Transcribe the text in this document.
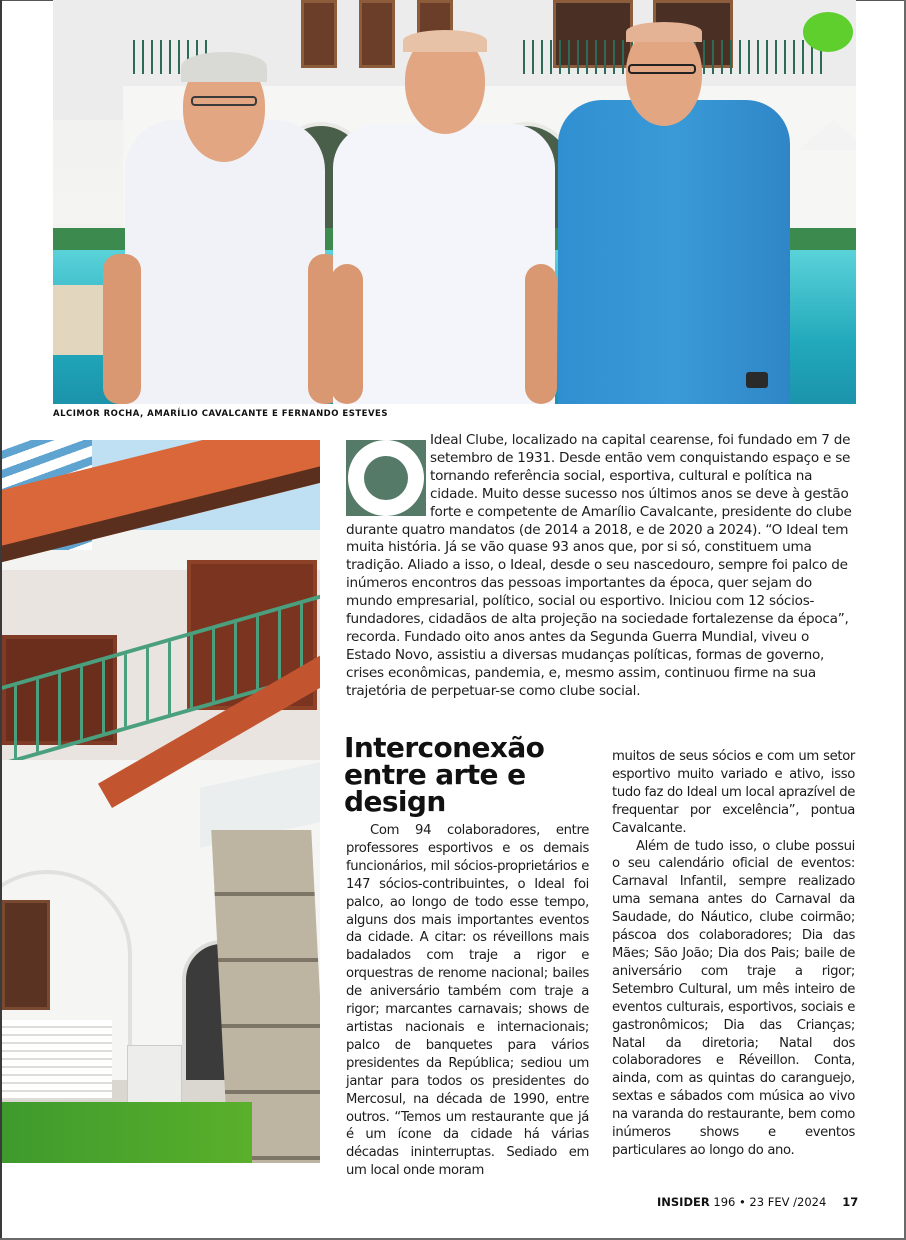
ALCIMOR ROCHA, AMARÍLIO CAVALCANTE E FERNANDO ESTEVES
Ideal Clube, localizado na capital cearense, foi fundado em 7 de setembro de 1931. Desde então vem conquistando espaço e se tornando referência social, esportiva, cultural e política na cidade. Muito desse sucesso nos últimos anos se deve à gestão forte e competente de Amarílio Cavalcante, presidente do clube durante quatro mandatos (de 2014 a 2018, e de 2020 a 2024). “O Ideal tem muita história. Já se vão quase 93 anos que, por si só, constituem uma tradição. Aliado a isso, o Ideal, desde o seu nascedouro, sempre foi palco de inúmeros encontros das pessoas importantes da época, quer sejam do mundo empresarial, político, social ou esportivo. Iniciou com 12 sócios-fundadores, cidadãos de alta projeção na sociedade fortalezense da época”, recorda. Fundado oito anos antes da Segunda Guerra Mundial, viveu o Estado Novo, assistiu a diversas mudanças políticas, formas de governo, crises econômicas, pandemia, e, mesmo assim, continuou firme na sua trajetória de perpetuar-se como clube social.
Interconexão entre arte e design

Com 94 colaboradores, entre professores esportivos e os demais funcionários, mil sócios-proprietários e 147 sócios-contribuintes, o Ideal foi palco, ao longo de todo esse tempo, alguns dos mais importantes eventos da cidade. A citar: os réveillons mais badalados com traje a rigor e orquestras de renome nacional; bailes de aniversário também com traje a rigor; marcantes carnavais; shows de artistas nacionais e internacionais; palco de banquetes para vários presidentes da República; sediou um jantar para todos os presidentes do Mercosul, na década de 1990, entre outros. “Temos um restaurante que já é um ícone da cidade há várias décadas ininterruptas. Sediado em um local onde moram

muitos de seus sócios e com um setor esportivo muito variado e ativo, isso tudo faz do Ideal um local aprazível de frequentar por excelência”, pontua Cavalcante.

Além de tudo isso, o clube possui o seu calendário oficial de eventos: Carnaval Infantil, sempre realizado uma semana antes do Carnaval da Saudade, do Náutico, clube coirmão; páscoa dos colaboradores; Dia das Mães; São João; Dia dos Pais; baile de aniversário com traje a rigor; Setembro Cultural, um mês inteiro de eventos culturais, esportivos, sociais e gastronômicos; Dia das Crianças; Natal da diretoria; Natal dos colaboradores e Réveillon. Conta, ainda, com as quintas do caranguejo, sextas e sábados com música ao vivo na varanda do restaurante, bem como inúmeros shows e eventos particulares ao longo do ano.

INSIDER 196 • 23 FEV /2024 17
